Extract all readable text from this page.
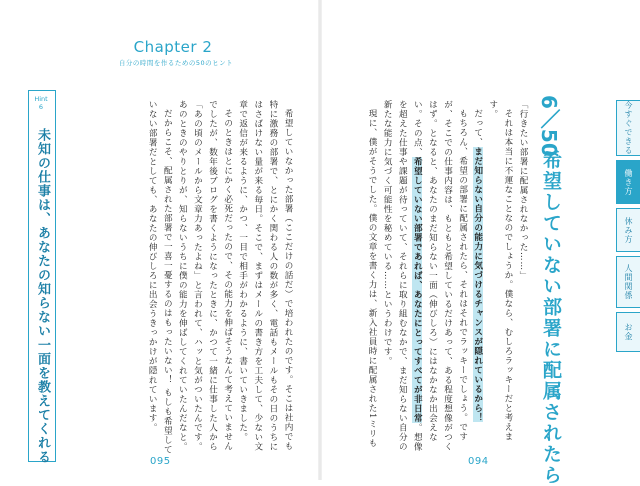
Chapter 2
自分の時間を作るための50のヒント
Hint
6
未知の仕事は、あなたの知らない一面を教えてくれる	希望していなかった部署（ここだけの話だ）で培われたのです。そこは社内でも特に激務の部署で、とにかく関わる人の数が多く、電話もメールもその日のうちにはさばけない量が来る毎日。そこで、まずはメールの書き方を工夫して、少ない文章で返信が来るように、かつ、一目で相手がわかるように、書いていきました。

そのときはとにかく必死だったので、その能力を伸ばそうなんて考えていませんでしたが、数年後ブログを書くようになったときに、かつて一緒に仕事した人から「あの頃のメールから文章力あったよね」と言われて、ハッと気がついたんです。あのときのやりとりが、知らないうちに僕の能力を伸ばしてくれていたんだなと。

だからこそ、配属された部署で一喜一憂するのはもったいない！ もしも希望していない部署だとしても、あなたの伸びしろに出会うきっかけが隠れています。	「行きたい部署に配属されなかった……」

それは本当に不運なことなのでしょうか。僕なら、むしろラッキーだと考えます。

だって、まだ知らない自分の能力に気づけるチャンスが隠れているから！

もちろん、希望の部署に配属されたら、それはそれでラッキーでしょう。ですが、そこでの仕事内容は、もともと希望しているだけあって、ある程度想像がつくはず。となると、あなたのまだ知らない一面（伸びしろ）にはなかなか出会えない。その点、希望していない部署であれば、あなたにとってすべてが非日常。想像を超えた仕事や課題が待っていて、それらに取り組むなかで、まだ知らない自分の新たな能力に気づく可能性を秘めている……というわけです。

現に、僕がそうでした。僕の文章を書く力は、新入社員時に配属された1ミリも	6／50
希望していない部署に配属されたら
095	094
今すぐできる
働き方
休み方
人間関係
お金
